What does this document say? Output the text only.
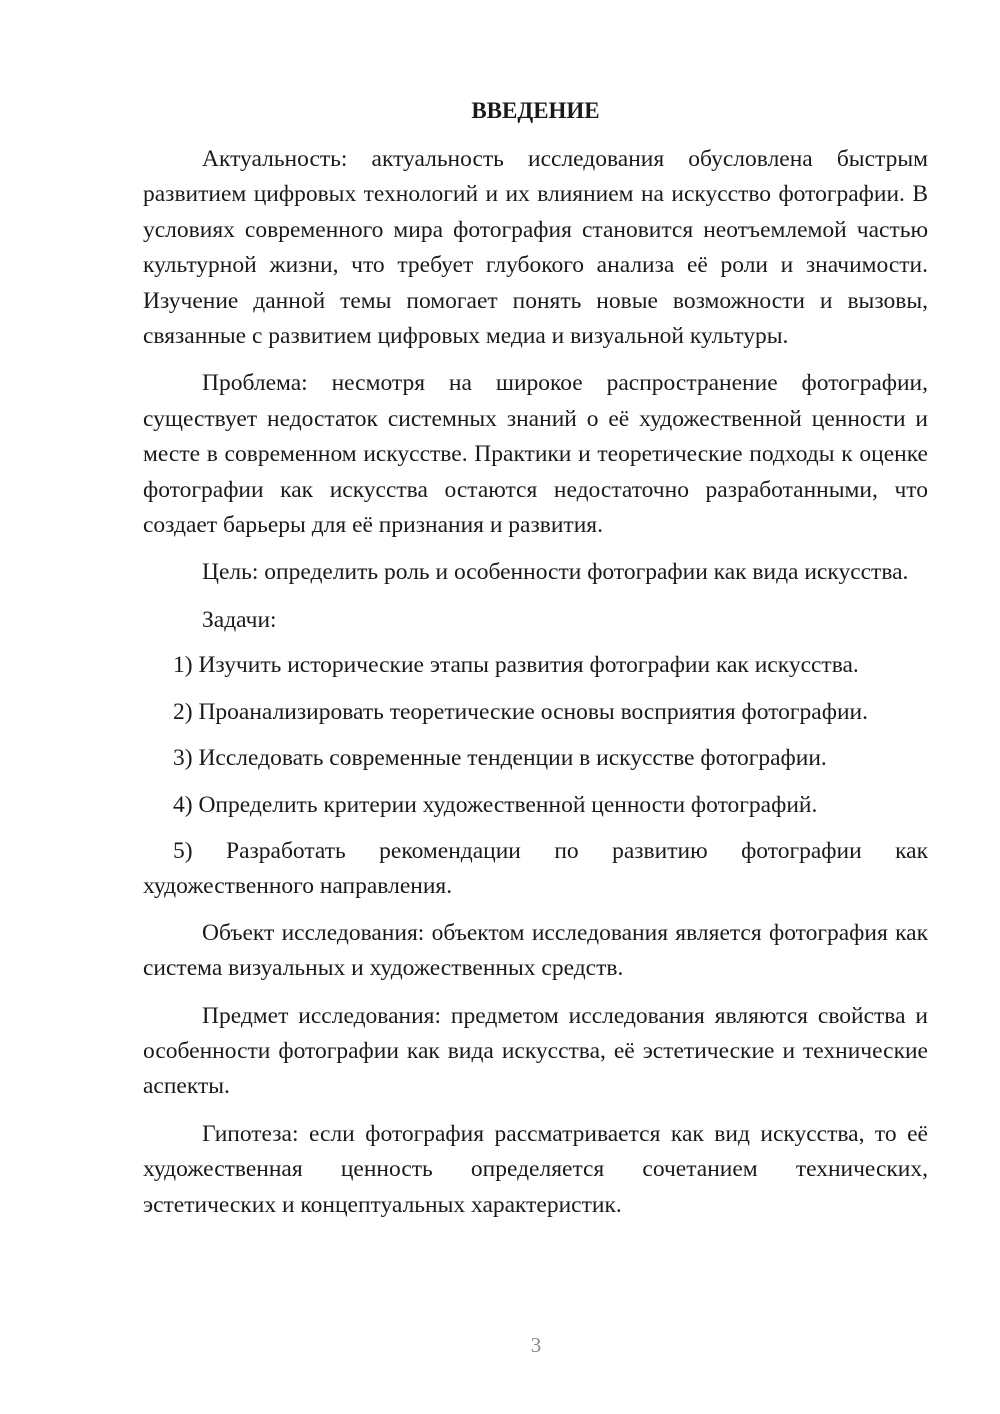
ВВЕДЕНИЕ

Актуальность: актуальность исследования обусловлена быстрым развитием цифровых технологий и их влиянием на искусство фотографии. В условиях современного мира фотография становится неотъемлемой частью культурной жизни, что требует глубокого анализа её роли и значимости. Изучение данной темы помогает понять новые возможности и вызовы, связанные с развитием цифровых медиа и визуальной культуры.

Проблема: несмотря на широкое распространение фотографии, существует недостаток системных знаний о её художественной ценности и месте в современном искусстве. Практики и теоретические подходы к оценке фотографии как искусства остаются недостаточно разработанными, что создает барьеры для её признания и развития.

Цель: определить роль и особенности фотографии как вида искусства.

Задачи:

1) Изучить исторические этапы развития фотографии как искусства.

2) Проанализировать теоретические основы восприятия фотографии.

3) Исследовать современные тенденции в искусстве фотографии.

4) Определить критерии художественной ценности фотографий.

5) Разработать рекомендации по развитию фотографии как художественного направления.

Объект исследования: объектом исследования является фотография как система визуальных и художественных средств.

Предмет исследования: предметом исследования являются свойства и особенности фотографии как вида искусства, её эстетические и технические аспекты.

Гипотеза: если фотография рассматривается как вид искусства, то её художественная ценность определяется сочетанием технических, эстетических и концептуальных характеристик.

3
